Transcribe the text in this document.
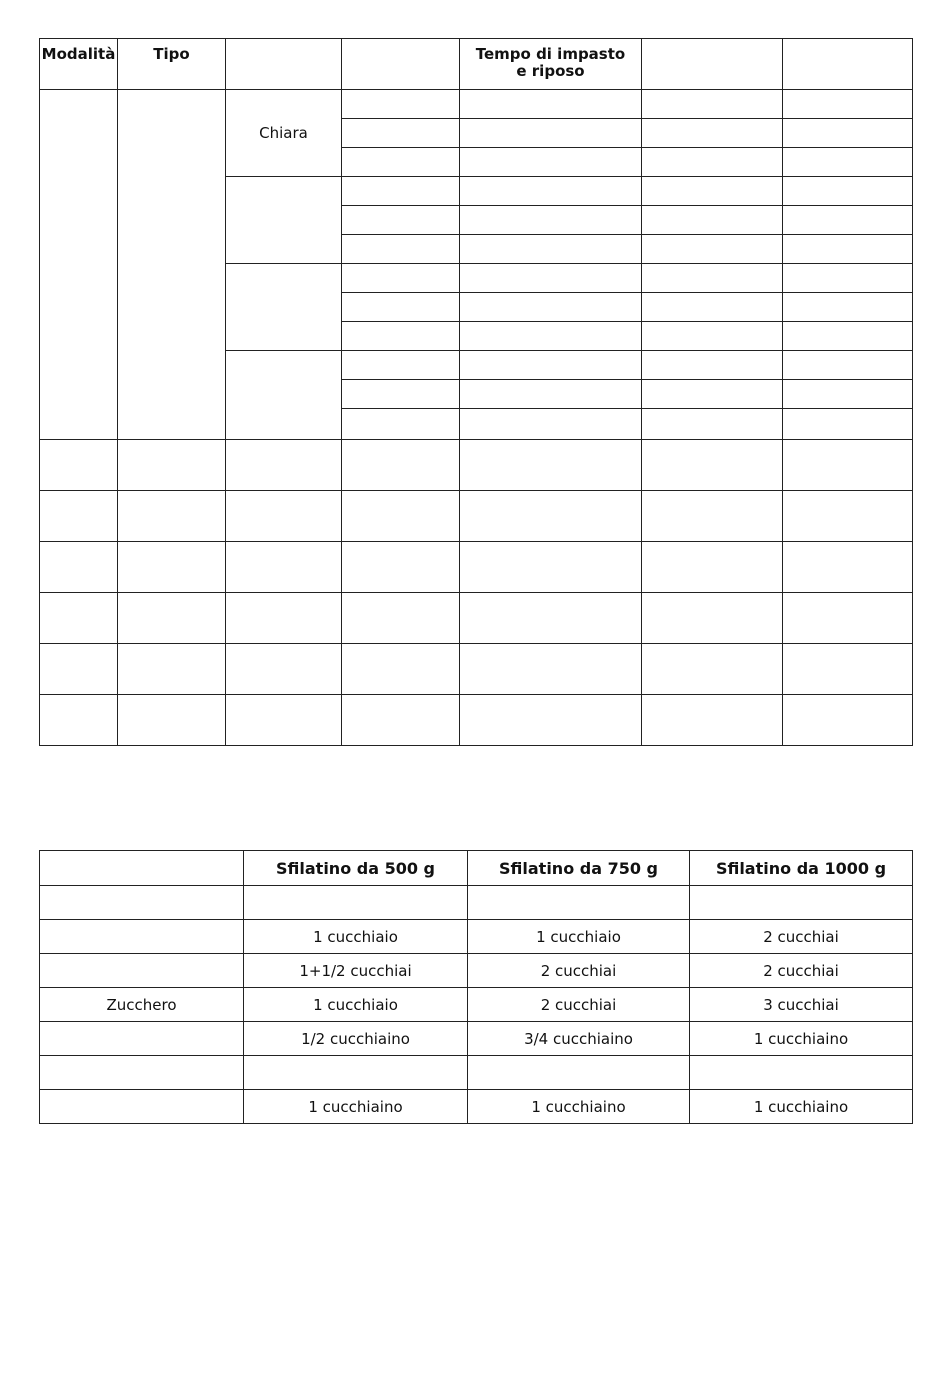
Modalità	Tipo			Tempo di impasto
e riposo		

		Chiara				

	Sfilatino da 500 g	Sfilatino da 750 g	Sfilatino da 1000 g

	1 cucchiaio	1 cucchiaio	2 cucchiai
	1+1/2 cucchiai	2 cucchiai	2 cucchiai
Zucchero	1 cucchiaio	2 cucchiai	3 cucchiai
	1/2 cucchiaino	3/4 cucchiaino	1 cucchiaino

	1 cucchiaino	1 cucchiaino	1 cucchiaino
